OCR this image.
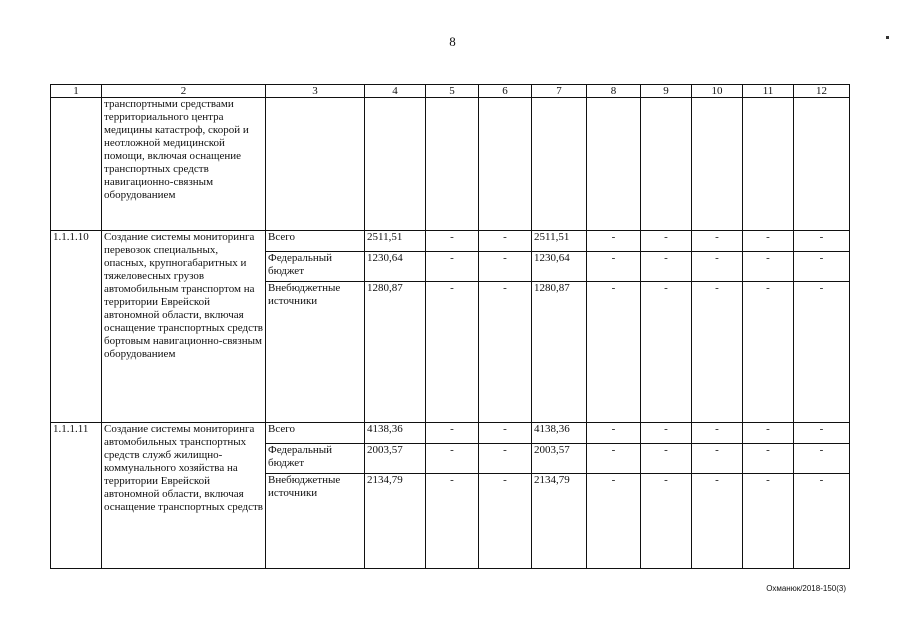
8
1	2	3	4	5	6	7	8	9	10	11	12
	транспортными средствами территориального центра медицины катастроф, скорой и неотложной медицинской помощи, включая оснащение транспортных средств навигационно-связным оборудованием										
1.1.1.10	Создание системы мониторинга перевозок специальных, опасных, крупногабаритных и тяжеловесных грузов автомобильным транспортом на территории Еврейской автономной области, включая оснащение транспортных средств бортовым навигационно-связным оборудованием	Всего	2511,51	-	-	2511,51	-	-	-	-	-
		Федеральный бюджет	1230,64	-	-	1230,64	-	-	-	-	-
		Внебюджетные источники	1280,87	-	-	1280,87	-	-	-	-	-
1.1.1.11	Создание системы мониторинга автомобильных транспортных средств служб жилищно-коммунального хозяйства на территории Еврейской автономной области, включая оснащение транспортных средств	Всего	4138,36	-	-	4138,36	-	-	-	-	-
		Федеральный бюджет	2003,57	-	-	2003,57	-	-	-	-	-
		Внебюджетные источники	2134,79	-	-	2134,79	-	-	-	-	-
Охманюк/2018-150(3)
